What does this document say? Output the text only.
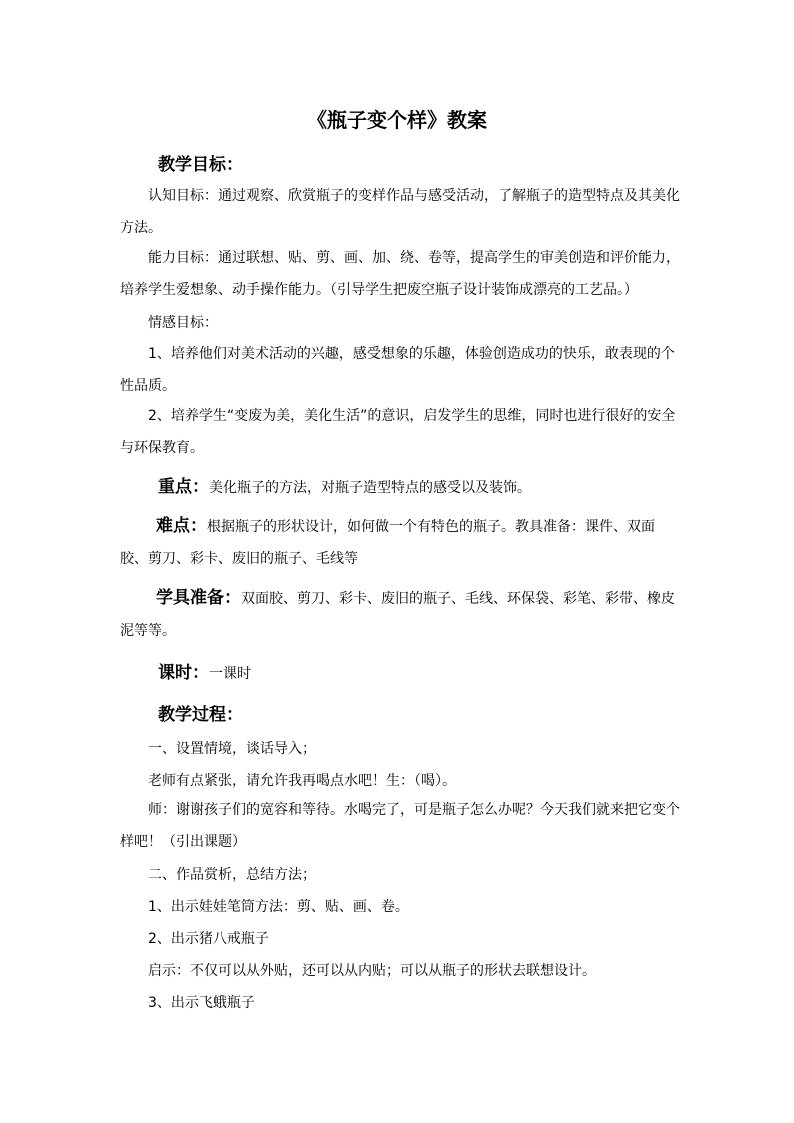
《瓶子变个样》教案
教学目标：
认知目标：通过观察、欣赏瓶子的变样作品与感受活动，了解瓶子的造型特点及其美化方法。
能力目标：通过联想、贴、剪、画、加、绕、卷等，提高学生的审美创造和评价能力，培养学生爱想象、动手操作能力。（引导学生把废空瓶子设计装饰成漂亮的工艺品。）
情感目标：
1、培养他们对美术活动的兴趣，感受想象的乐趣，体验创造成功的快乐，敢表现的个性品质。
2、培养学生“变废为美，美化生活”的意识，启发学生的思维，同时也进行很好的安全与环保教育。
重点：美化瓶子的方法，对瓶子造型特点的感受以及装饰。
难点：根据瓶子的形状设计，如何做一个有特色的瓶子。教具准备：课件、双面胶、剪刀、彩卡、废旧的瓶子、毛线等
学具准备：双面胶、剪刀、彩卡、废旧的瓶子、毛线、环保袋、彩笔、彩带、橡皮泥等等。
课时：一课时
教学过程：
一、设置情境，谈话导入；
老师有点紧张，请允许我再喝点水吧！生：（喝）。
师：谢谢孩子们的宽容和等待。水喝完了，可是瓶子怎么办呢？今天我们就来把它变个样吧！（引出课题）
二、作品赏析，总结方法；
1、出示娃娃笔筒方法：剪、贴、画、卷。
2、出示猪八戒瓶子
启示：不仅可以从外贴，还可以从内贴；可以从瓶子的形状去联想设计。
3、出示飞蛾瓶子
